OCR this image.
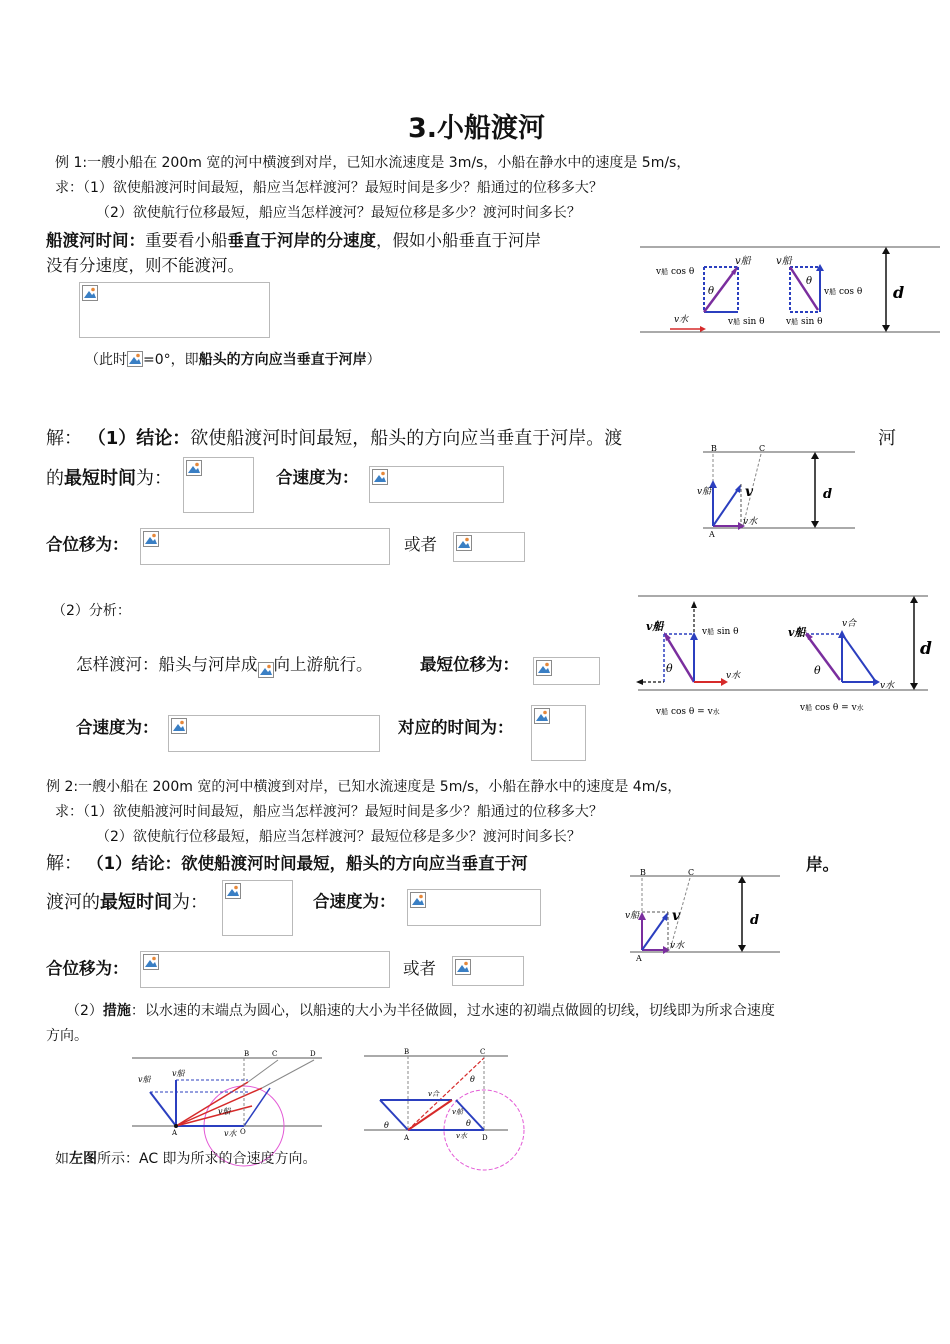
3.小船渡河
例 1:一艘小船在 200m 宽的河中横渡到对岸，已知水流速度是 3m/s，小船在静水中的速度是 5m/s，
求：（1）欲使船渡河时间最短，船应当怎样渡河？最短时间是多少？船通过的位移多大？
（2）欲使航行位移最短，船应当怎样渡河？最短位移是多少？渡河时间多长？
船渡河时间：重要看小船垂直于河岸的分速度，假如小船垂直于河岸
没有分速度，则不能渡河。
（此时 =0°，即船头的方向应当垂直于河岸）
d
v船
v船 cos θ
θ
v船 sin θ
v船
θ
v船 cos θ
v船 sin θ
v水
解： （1）结论：欲使船渡河时间最短，船头的方向应当垂直于河岸。渡	河
的最短时间为：	合速度为：
合位移为：	或者
d
B	C
A
v船 v
v水
（2）分析：
怎样渡河：船头与河岸成 向上游航行。	最短位移为：
合速度为：	对应的时间为：
d
v船	v船 sin θ
θ
v水
v船 cos θ = v水
v船
v合
θ
v水
v船 cos θ = v水
例 2:一艘小船在 200m 宽的河中横渡到对岸，已知水流速度是 5m/s，小船在静水中的速度是 4m/s，
求：（1）欲使船渡河时间最短，船应当怎样渡河？最短时间是多少？船通过的位移多大？
（2）欲使航行位移最短，船应当怎样渡河？最短位移是多少？渡河时间多长？
解： （1）结论：欲使船渡河时间最短，船头的方向应当垂直于河	岸。
渡河的最短时间为：	合速度为：
合位移为：	或者
d
B	C
A
v船 v
v水
（2）措施：以水速的末端点为圆心，以船速的大小为半径做圆，过水速的初端点做圆的切线，切线即为所求合速度
方向。
B	C	D
A	O
v船
v船
v船
v水
B	C
A	D
v合
v船
v水
θ	θ
θ
如左图所示：AC 即为所求的合速度方向。
